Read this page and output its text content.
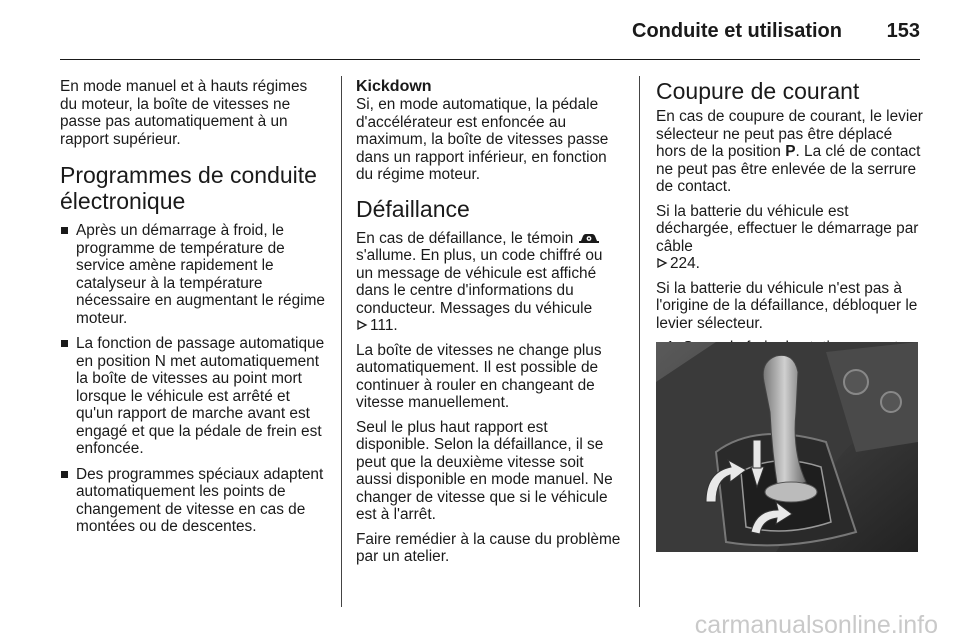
Conduite et utilisation 153

En mode manuel et à hauts régimes du moteur, la boîte de vitesses ne passe pas automatiquement à un rapport supérieur.

Programmes de conduite électronique
Après un démarrage à froid, le programme de température de service amène rapidement le catalyseur à la température nécessaire en augmentant le régime moteur.
La fonction de passage automatique en position N met automatiquement la boîte de vitesses au point mort lorsque le véhicule est arrêté et qu'un rapport de marche avant est engagé et que la pédale de frein est enfoncée.
Des programmes spéciaux adaptent automatiquement les points de changement de vitesse en cas de montées ou de descentes.
Kickdown

Si, en mode automatique, la pédale d'accélérateur est enfoncée au maximum, la boîte de vitesses passe dans un rapport inférieur, en fonction du régime moteur.

Défaillance

En cas de défaillance, le témoin  s'allume. En plus, un code chiffré ou un message de véhicule est affiché dans le centre d'informations du conducteur. Messages du véhicule
111.

La boîte de vitesses ne change plus automatiquement. Il est possible de continuer à rouler en changeant de vitesse manuellement.

Seul le plus haut rapport est disponible. Selon la défaillance, il se peut que la deuxième vitesse soit aussi disponible en mode manuel. Ne changer de vitesse que si le véhicule est à l'arrêt.

Faire remédier à la cause du problème par un atelier.

Coupure de courant

En cas de coupure de courant, le levier sélecteur ne peut pas être déplacé hors de la position P. La clé de contact ne peut pas être enlevée de la serrure de contact.

Si la batterie du véhicule est déchargée, effectuer le démarrage par câble
224.

Si la batterie du véhicule n'est pas à l'origine de la défaillance, débloquer le levier sélecteur.

carmanualsonline.info
